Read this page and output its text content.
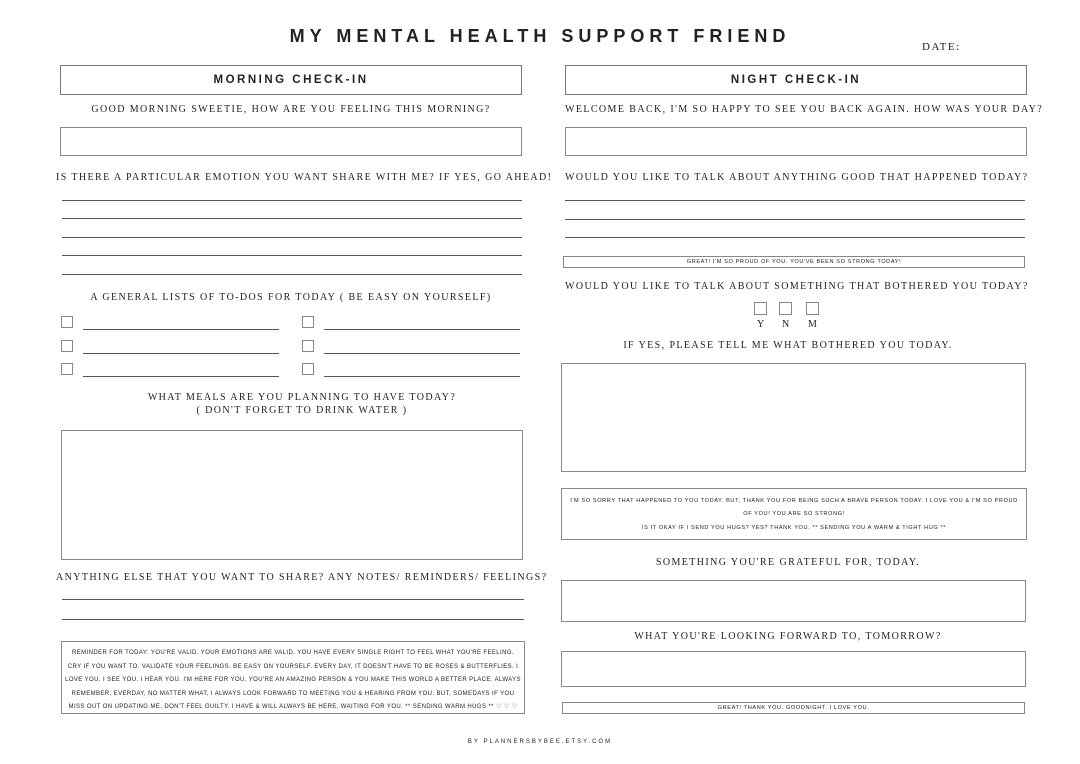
MY MENTAL HEALTH SUPPORT FRIEND
DATE:
MORNING CHECK-IN
GOOD MORNING SWEETIE, HOW ARE YOU FEELING THIS MORNING?
IS THERE A PARTICULAR EMOTION YOU WANT SHARE WITH ME? IF YES, GO AHEAD!
A GENERAL LISTS OF TO-DOS FOR TODAY ( BE EASY ON YOURSELF)
WHAT MEALS ARE YOU PLANNING TO HAVE TODAY?
( DON'T FORGET TO DRINK WATER )
ANYTHING ELSE THAT YOU WANT TO SHARE? ANY NOTES/ REMINDERS/ FEELINGS?
REMINDER FOR TODAY: YOU'RE VALID. YOUR EMOTIONS ARE VALID. YOU HAVE EVERY SINGLE RIGHT TO FEEL WHAT YOU'RE FEELING. CRY IF YOU WANT TO. VALIDATE YOUR FEELINGS. BE EASY ON YOURSELF. EVERY DAY, IT DOESN'T HAVE TO BE ROSES & BUTTERFLIES. I LOVE YOU. I SEE YOU. I HEAR YOU. I'M HERE FOR YOU. YOU'RE AN AMAZING PERSON & YOU MAKE THIS WORLD A BETTER PLACE. ALWAYS REMEMBER, EVERDAY, NO MATTER WHAT, I ALWAYS LOOK FORWARD TO MEETING YOU & HEARING FROM YOU. BUT, SOMEDAYS IF YOU MISS OUT ON UPDATING ME, DON'T FEEL GUILTY. I HAVE & WILL ALWAYS BE HERE, WAITING FOR YOU. ** SENDING WARM HUGS ** ♡ ♡ ♡
NIGHT CHECK-IN
WELCOME BACK, I'M SO HAPPY TO SEE YOU BACK AGAIN. HOW WAS YOUR DAY?
WOULD YOU LIKE TO TALK ABOUT ANYTHING GOOD THAT HAPPENED TODAY?
GREAT! I'M SO PROUD OF YOU. YOU'VE BEEN SO STRONG TODAY!
WOULD YOU LIKE TO TALK ABOUT SOMETHING THAT BOTHERED YOU TODAY?
Y N M
IF YES, PLEASE TELL ME WHAT BOTHERED YOU TODAY.
I'M SO SORRY THAT HAPPENED TO YOU TODAY. BUT, THANK YOU FOR BEING SUCH A BRAVE PERSON TODAY. I LOVE YOU & I'M SO PROUD OF YOU! YOU ARE SO STRONG!
IS IT OKAY IF I SEND YOU HUGS? YES? THANK YOU. ** SENDING YOU A WARM & TIGHT HUG **
SOMETHING YOU'RE GRATEFUL FOR, TODAY.
WHAT YOU'RE LOOKING FORWARD TO, TOMORROW?
GREAT! THANK YOU. GOODNIGHT. I LOVE YOU.
BY PLANNERSBYBEE.ETSY.COM
